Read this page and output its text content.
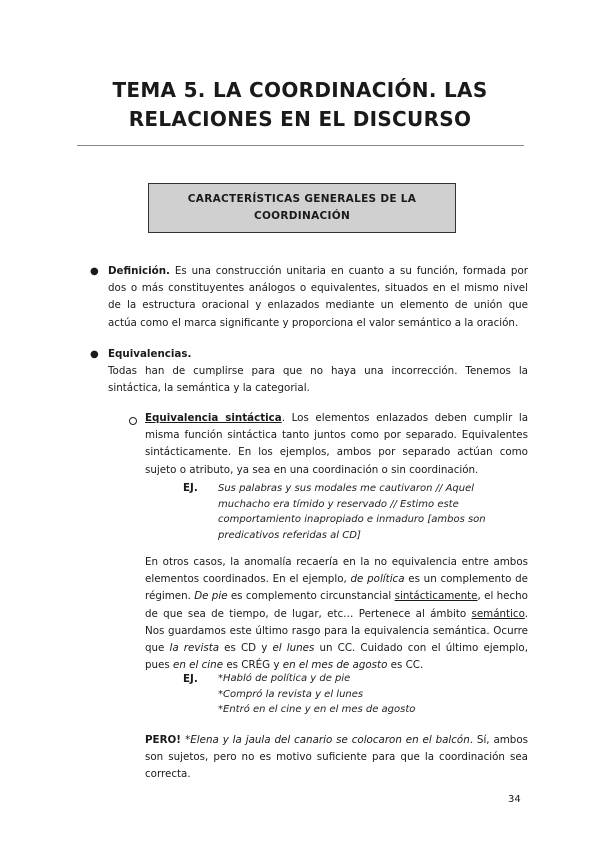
TEMA 5. LA COORDINACIÓN. LAS
RELACIONES EN EL DISCURSO
CARACTERÍSTICAS GENERALES DE LA
COORDINACIÓN
● Definición. Es una construcción unitaria en cuanto a su función, formada por dos o más constituyentes análogos o equivalentes, situados en el mismo nivel de la estructura oracional y enlazados mediante un elemento de unión que actúa como el marca significante y proporciona el valor semántico a la oración.
● Equivalencias.
Todas han de cumplirse para que no haya una incorrección. Tenemos la sintáctica, la semántica y la categorial.
Equivalencia sintáctica. Los elementos enlazados deben cumplir la misma función sintáctica tanto juntos como por separado. Equivalentes sintácticamente. En los ejemplos, ambos por separado actúan como sujeto o atributo, ya sea en una coordinación o sin coordinación.
EJ. Sus palabras y sus modales me cautivaron // Aquel muchacho era tímido y reservado // Estimo este comportamiento inapropiado e inmaduro [ambos son predicativos referidas al CD]
En otros casos, la anomalía recaería en la no equivalencia entre ambos elementos coordinados. En el ejemplo, de política es un complemento de régimen. De pie es complemento circunstancial sintácticamente, el hecho de que sea de tiempo, de lugar, etc… Pertenece al ámbito semántico. Nos guardamos este último rasgo para la equivalencia semántica. Ocurre que la revista es CD y el lunes un CC. Cuidado con el último ejemplo, pues en el cine es CRÉG y en el mes de agosto es CC.
EJ. *Habló de política y de pie
*Compró la revista y el lunes
*Entró en el cine y en el mes de agosto
PERO! *Elena y la jaula del canario se colocaron en el balcón. Sí, ambos son sujetos, pero no es motivo suficiente para que la coordinación sea correcta.
34
